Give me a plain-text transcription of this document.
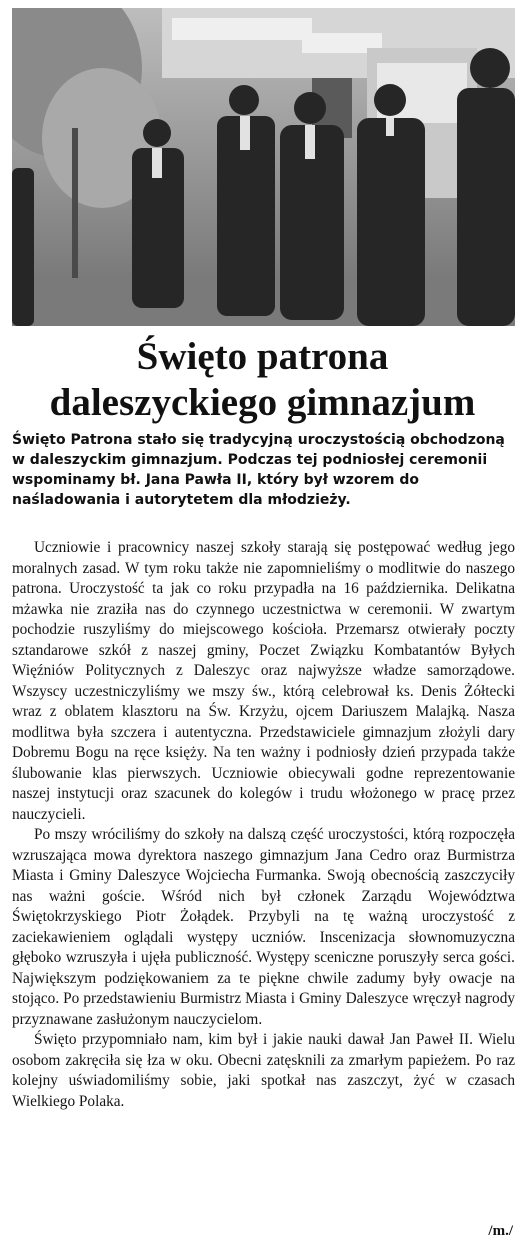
Święto patrona
daleszyckiego gimnazjum

Święto Patrona stało się tradycyjną uroczystością obchodzoną w daleszyckim gimnazjum. Podczas tej podniosłej ceremonii wspominamy bł. Jana Pawła II, który był wzorem do naśladowania i autorytetem dla młodzieży.

Uczniowie i pracownicy naszej szkoły starają się postępować według jego moralnych zasad. W tym roku także nie zapomnieliśmy o modlitwie do naszego patrona. Uroczystość ta jak co roku przypadła na 16 października. Delikatna mżawka nie zraziła nas do czynnego uczestnictwa w ceremonii. W zwartym pochodzie ruszyliśmy do miejscowego kościoła. Przemarsz otwierały poczty sztandarowe szkół z naszej gminy, Poczet Związku Kombatantów Byłych Więźniów Politycznych z Daleszyc oraz najwyższe władze samorządowe. Wszyscy uczestniczyliśmy we mszy św., którą celebrował ks. Denis Żółtecki wraz z oblatem klasztoru na Św. Krzyżu, ojcem Dariuszem Malajką. Nasza modlitwa była szczera i autentyczna. Przedstawiciele gimnazjum złożyli dary Dobremu Bogu na ręce księży. Na ten ważny i podniosły dzień przypada także ślubowanie klas pierwszych. Uczniowie obiecywali godne reprezentowanie naszej instytucji oraz szacunek do kolegów i trudu włożonego w pracę przez nauczycieli.

Po mszy wróciliśmy do szkoły na dalszą część uroczystości, którą rozpoczęła wzruszająca mowa dyrektora naszego gimnazjum Jana Cedro oraz Burmistrza Miasta i Gminy Daleszyce Wojciecha Furmanka. Swoją obecnością zaszczyciły nas ważni goście. Wśród nich był członek Zarządu Województwa Świętokrzyskiego Piotr Żołądek. Przybyli na tę ważną uroczystość z zaciekawieniem oglądali występy uczniów. Inscenizacja słownomuzyczna głęboko wzruszyła i ujęła publiczność. Występy sceniczne poruszyły serca gości. Największym podziękowaniem za te piękne chwile zadumy były owacje na stojąco. Po przedstawieniu Burmistrz Miasta i Gminy Daleszyce wręczył nagrody przyznawane zasłużonym nauczycielom.

Święto przypomniało nam, kim był i jakie nauki dawał Jan Paweł II. Wielu osobom zakręciła się łza w oku. Obecni zatęsknili za zmarłym papieżem. Po raz kolejny uświadomiliśmy sobie, jaki spotkał nas zaszczyt, żyć w czasach Wielkiego Polaka.

/m./
